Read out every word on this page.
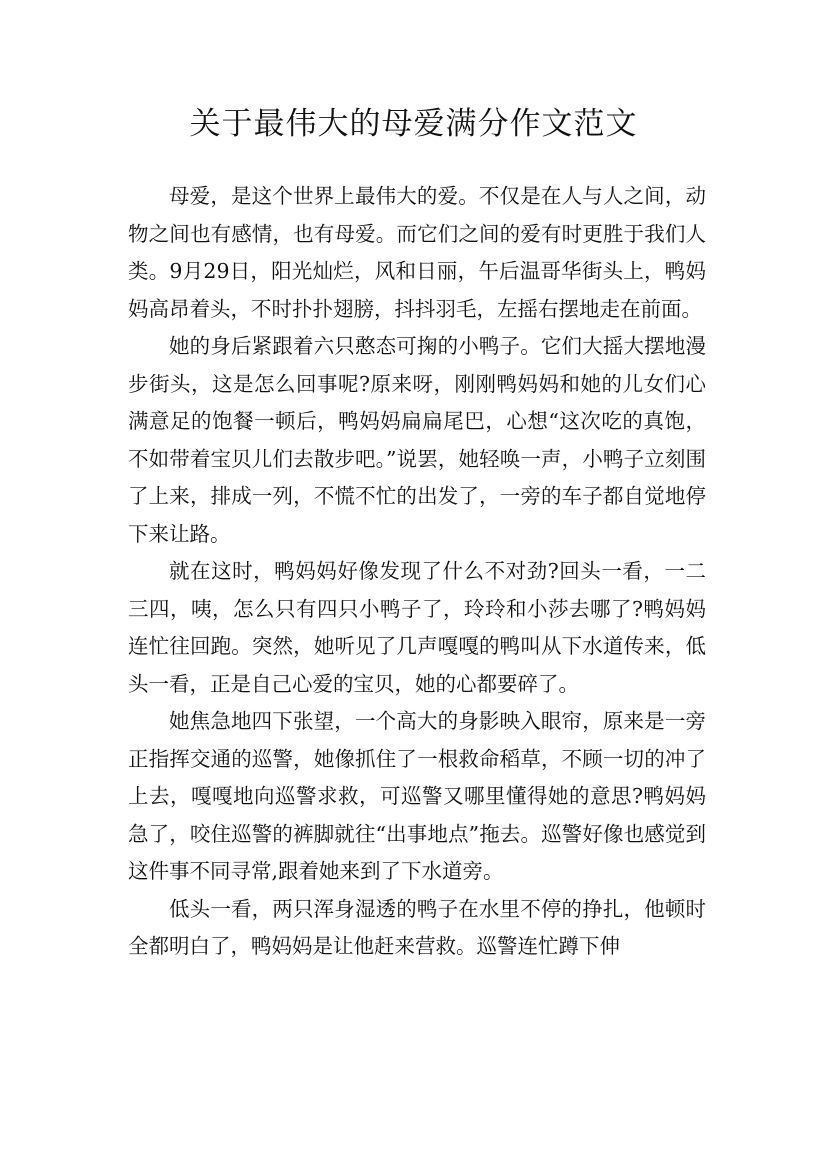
关于最伟大的母爱满分作文范文

母爱，是这个世界上最伟大的爱。不仅是在人与人之间，动物之间也有感情，也有母爱。而它们之间的爱有时更胜于我们人类。9月29日，阳光灿烂，风和日丽，午后温哥华街头上，鸭妈妈高昂着头，不时扑扑翅膀，抖抖羽毛，左摇右摆地走在前面。

她的身后紧跟着六只憨态可掬的小鸭子。它们大摇大摆地漫步街头，这是怎么回事呢?原来呀，刚刚鸭妈妈和她的儿女们心满意足的饱餐一顿后，鸭妈妈扁扁尾巴，心想“这次吃的真饱，不如带着宝贝儿们去散步吧。”说罢，她轻唤一声，小鸭子立刻围了上来，排成一列，不慌不忙的出发了，一旁的车子都自觉地停下来让路。

就在这时，鸭妈妈好像发现了什么不对劲?回头一看，一二三四，咦，怎么只有四只小鸭子了，玲玲和小莎去哪了?鸭妈妈连忙往回跑。突然，她听见了几声嘎嘎的鸭叫从下水道传来，低头一看，正是自己心爱的宝贝，她的心都要碎了。

她焦急地四下张望，一个高大的身影映入眼帘，原来是一旁正指挥交通的巡警，她像抓住了一根救命稻草，不顾一切的冲了上去，嘎嘎地向巡警求救，可巡警又哪里懂得她的意思?鸭妈妈急了，咬住巡警的裤脚就往“出事地点”拖去。巡警好像也感觉到这件事不同寻常,跟着她来到了下水道旁。

低头一看，两只浑身湿透的鸭子在水里不停的挣扎，他顿时全都明白了，鸭妈妈是让他赶来营救。巡警连忙蹲下伸
